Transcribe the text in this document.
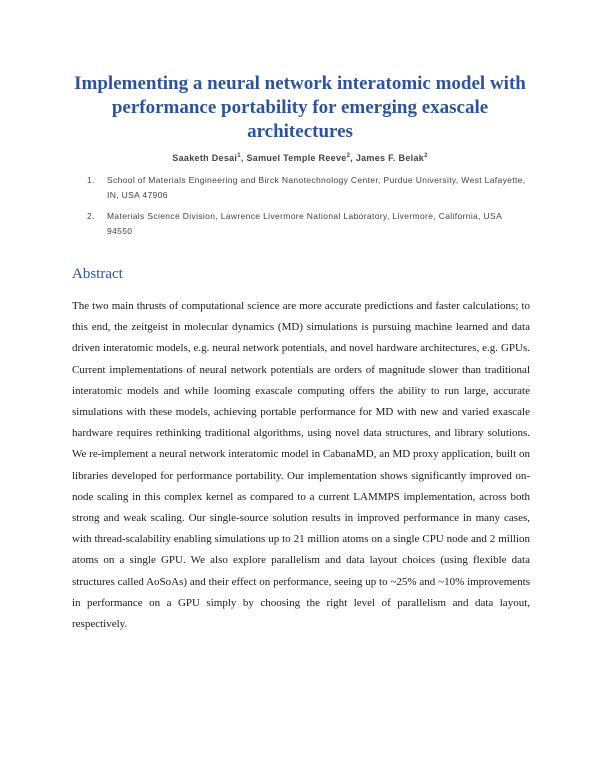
Implementing a neural network interatomic model with performance portability for emerging exascale architectures
Saaketh Desai$^1$, Samuel Temple Reeve$^2$, James F. Belak$^2$
1.	School of Materials Engineering and Birck Nanotechnology Center, Purdue University, West Lafayette, IN, USA 47906
2.	Materials Science Division, Lawrence Livermore National Laboratory, Livermore, California, USA 94550
Abstract

The two main thrusts of computational science are more accurate predictions and faster calculations; to this end, the zeitgeist in molecular dynamics (MD) simulations is pursuing machine learned and data driven interatomic models, e.g. neural network potentials, and novel hardware architectures, e.g. GPUs. Current implementations of neural network potentials are orders of magnitude slower than traditional interatomic models and while looming exascale computing offers the ability to run large, accurate simulations with these models, achieving portable performance for MD with new and varied exascale hardware requires rethinking traditional algorithms, using novel data structures, and library solutions. We re-implement a neural network interatomic model in CabanaMD, an MD proxy application, built on libraries developed for performance portability. Our implementation shows significantly improved on-node scaling in this complex kernel as compared to a current LAMMPS implementation, across both strong and weak scaling. Our single-source solution results in improved performance in many cases, with thread-scalability enabling simulations up to 21 million atoms on a single CPU node and 2 million atoms on a single GPU. We also explore parallelism and data layout choices (using flexible data structures called AoSoAs) and their effect on performance, seeing up to ~25% and ~10% improvements in performance on a GPU simply by choosing the right level of parallelism and data layout, respectively.
